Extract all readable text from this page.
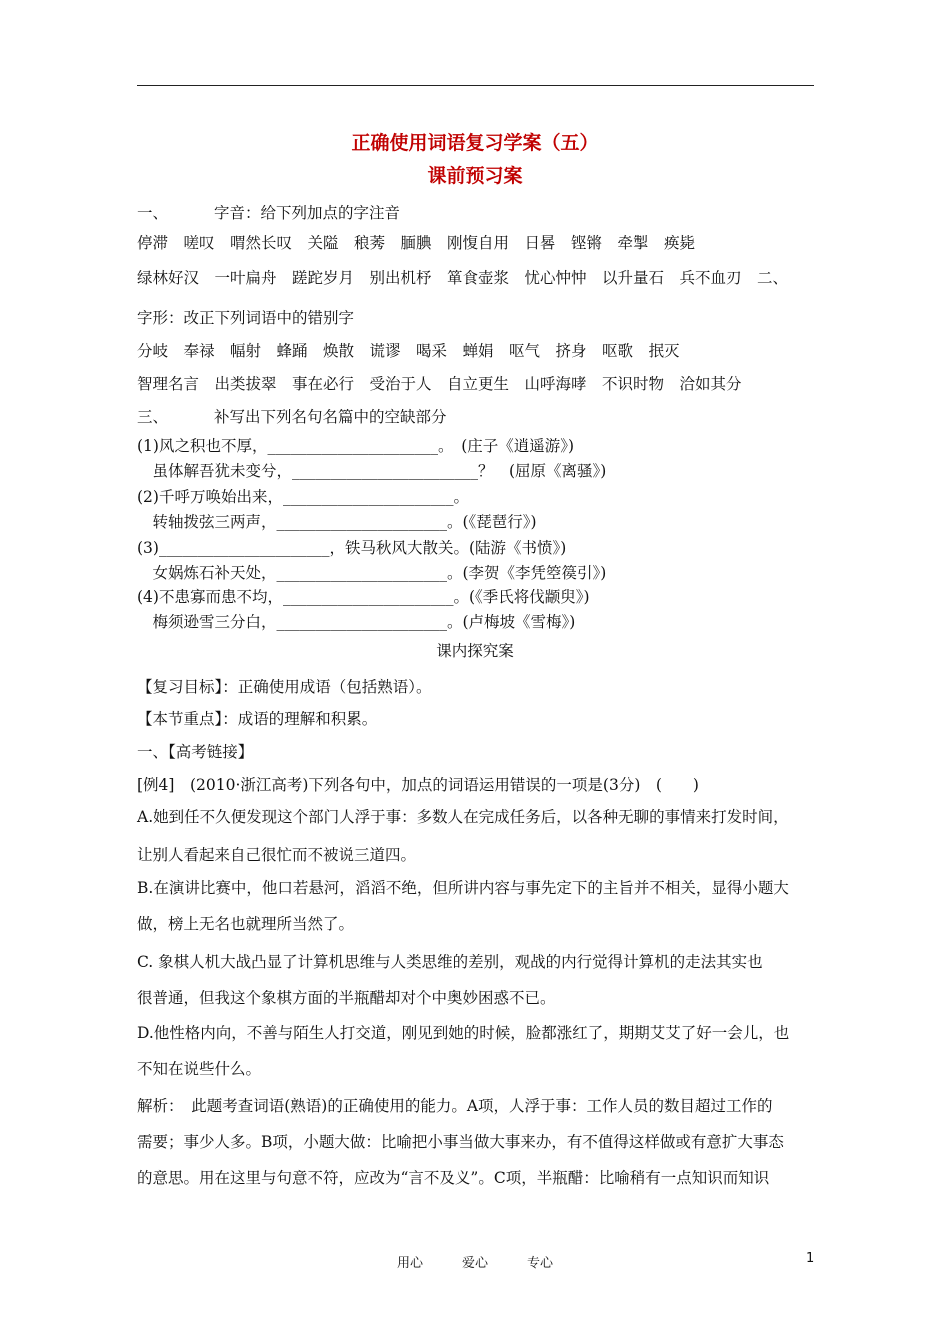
正确使用词语复习学案（五）
课前预习案
一、	字音：给下列加点的字注音
停滞　嗟叹　喟然长叹　关隘　稂莠　腼腆　刚愎自用　日晷　铿锵　牵掣　痪毙
绿林好汉　一叶扁舟　蹉跎岁月　别出机杼　箪食壶浆　忧心忡忡　以升量石　兵不血刃　二、
字形：改正下列词语中的错别字
分岐　奉禄　幅射　蜂踊　焕散　谎谬　喝采　蝉娟　呕气　挤身　呕歌　抿灭
智理名言　出类拔翠　事在必行　受治于人　自立更生　山呼海哮　不识时物　洽如其分
三、	补写出下列名句名篇中的空缺部分
(1)风之积也不厚，______________________。　(庄子《逍遥游》)
　虽体解吾犹未变兮，________________________？　(屈原《离骚》)
(2)千呼万唤始出来，______________________。
　转轴拨弦三两声，______________________。(《琵琶行》)
(3)______________________，铁马秋风大散关。(陆游《书愤》)
　女娲炼石补天处，______________________。(李贺《李凭箜篌引》)
(4)不患寡而患不均，______________________。(《季氏将伐颛臾》)
　梅须逊雪三分白，______________________。(卢梅坡《雪梅》)
课内探究案
【复习目标】：正确使用成语（包括熟语）。
【本节重点】：成语的理解和积累。
一、【高考链接】
[例4]　(2010·浙江高考)下列各句中，加点的词语运用错误的一项是(3分)　(　　)
A.她到任不久便发现这个部门人浮于事：多数人在完成任务后，以各种无聊的事情来打发时间，
让别人看起来自己很忙而不被说三道四。
B.在演讲比赛中，他口若悬河，滔滔不绝，但所讲内容与事先定下的主旨并不相关，显得小题大
做，榜上无名也就理所当然了。
C. 象棋人机大战凸显了计算机思维与人类思维的差别，观战的内行觉得计算机的走法其实也
很普通，但我这个象棋方面的半瓶醋却对个中奥妙困惑不已。
D.他性格内向，不善与陌生人打交道，刚见到她的时候，脸都涨红了，期期艾艾了好一会儿，也
不知在说些什么。
解析：　此题考查词语(熟语)的正确使用的能力。A项，人浮于事：工作人员的数目超过工作的
需要；事少人多。B项，小题大做：比喻把小事当做大事来办，有不值得这样做或有意扩大事态
的意思。用在这里与句意不符，应改为“言不及义”。C项，半瓶醋：比喻稍有一点知识而知识
用心　　　爱心　　　专心	1
